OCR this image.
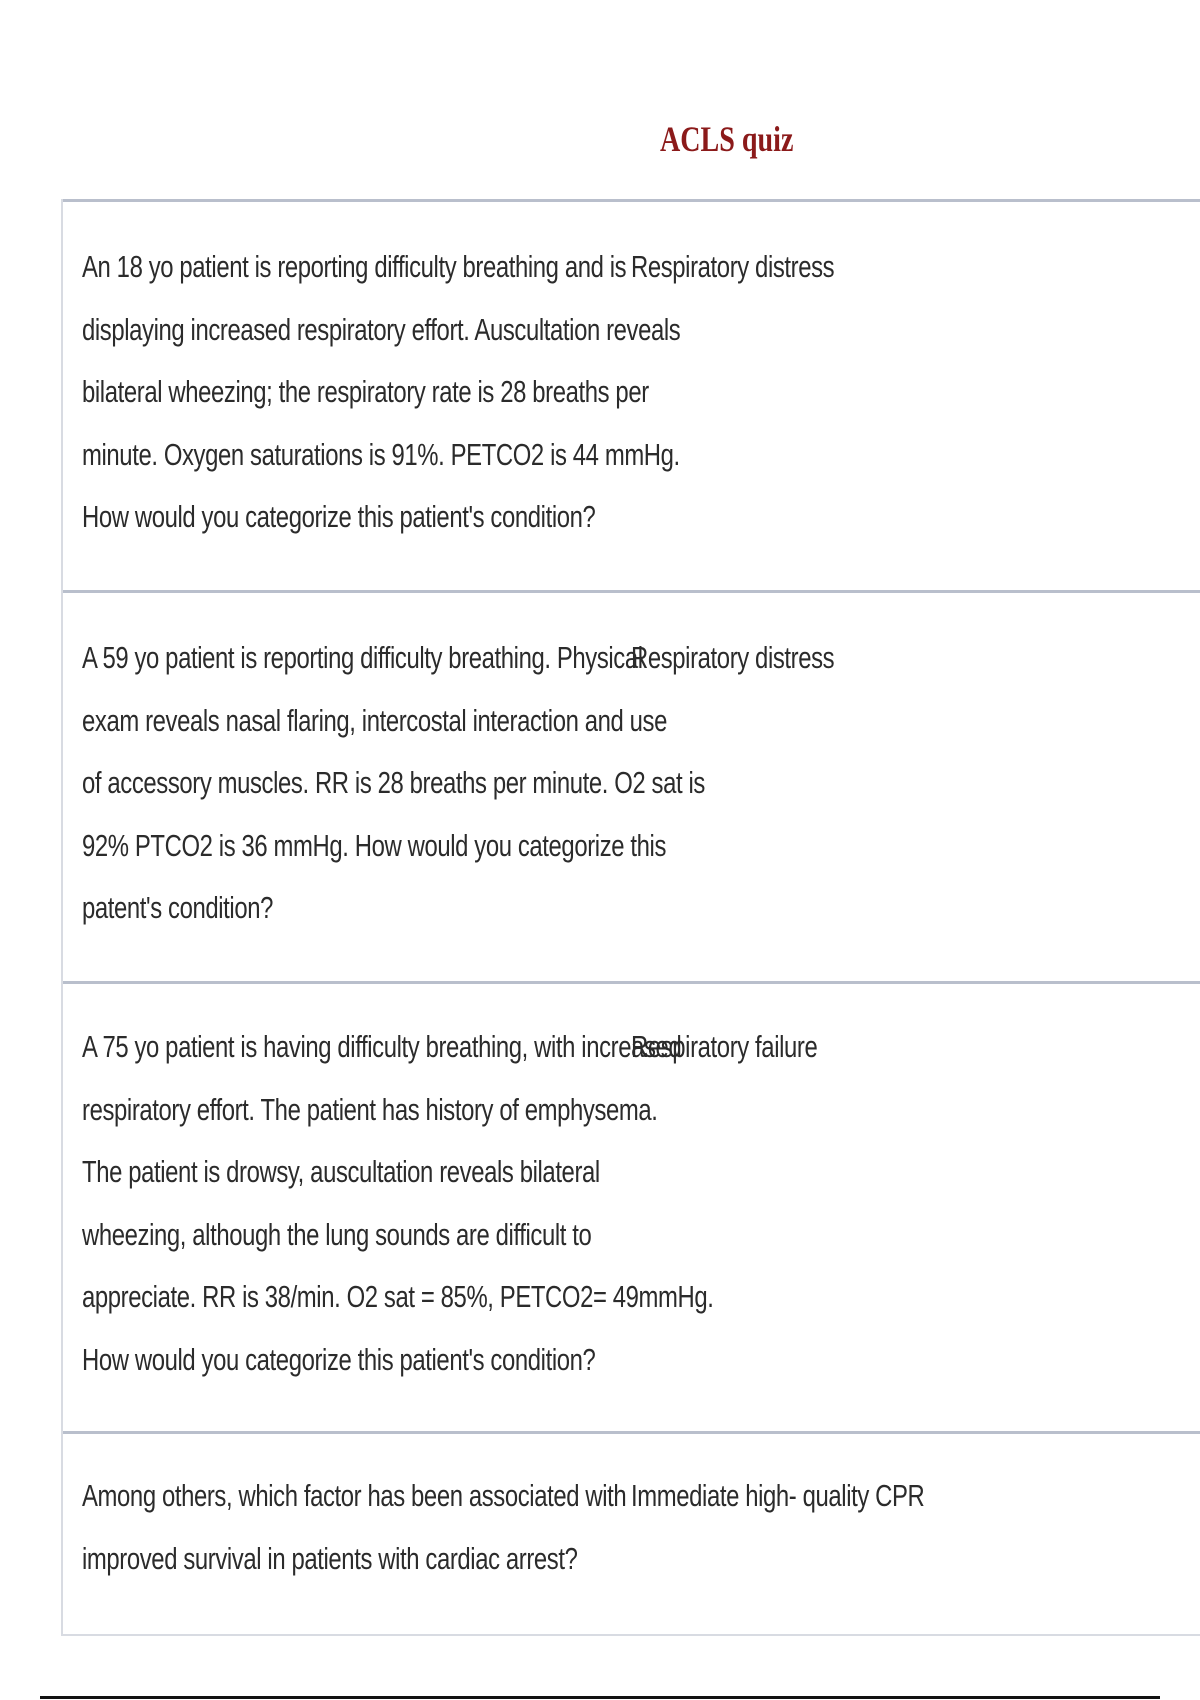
ACLS quiz
An 18 yo patient is reporting difficulty breathing and is
displaying increased respiratory effort. Auscultation reveals
bilateral wheezing; the respiratory rate is 28 breaths per
minute. Oxygen saturations is 91%. PETCO2 is 44 mmHg.
How would you categorize this patient's condition?
Respiratory distress
A 59 yo patient is reporting difficulty breathing. Physical
exam reveals nasal flaring, intercostal interaction and use
of accessory muscles. RR is 28 breaths per minute. O2 sat is
92% PTCO2 is 36 mmHg. How would you categorize this
patent's condition?
Respiratory distress
A 75 yo patient is having difficulty breathing, with increased
respiratory effort. The patient has history of emphysema.
The patient is drowsy, auscultation reveals bilateral
wheezing, although the lung sounds are difficult to
appreciate. RR is 38/min. O2 sat = 85%, PETCO2= 49mmHg.
How would you categorize this patient's condition?
Respiratory failure
Among others, which factor has been associated with
improved survival in patients with cardiac arrest?
Immediate high- quality CPR
